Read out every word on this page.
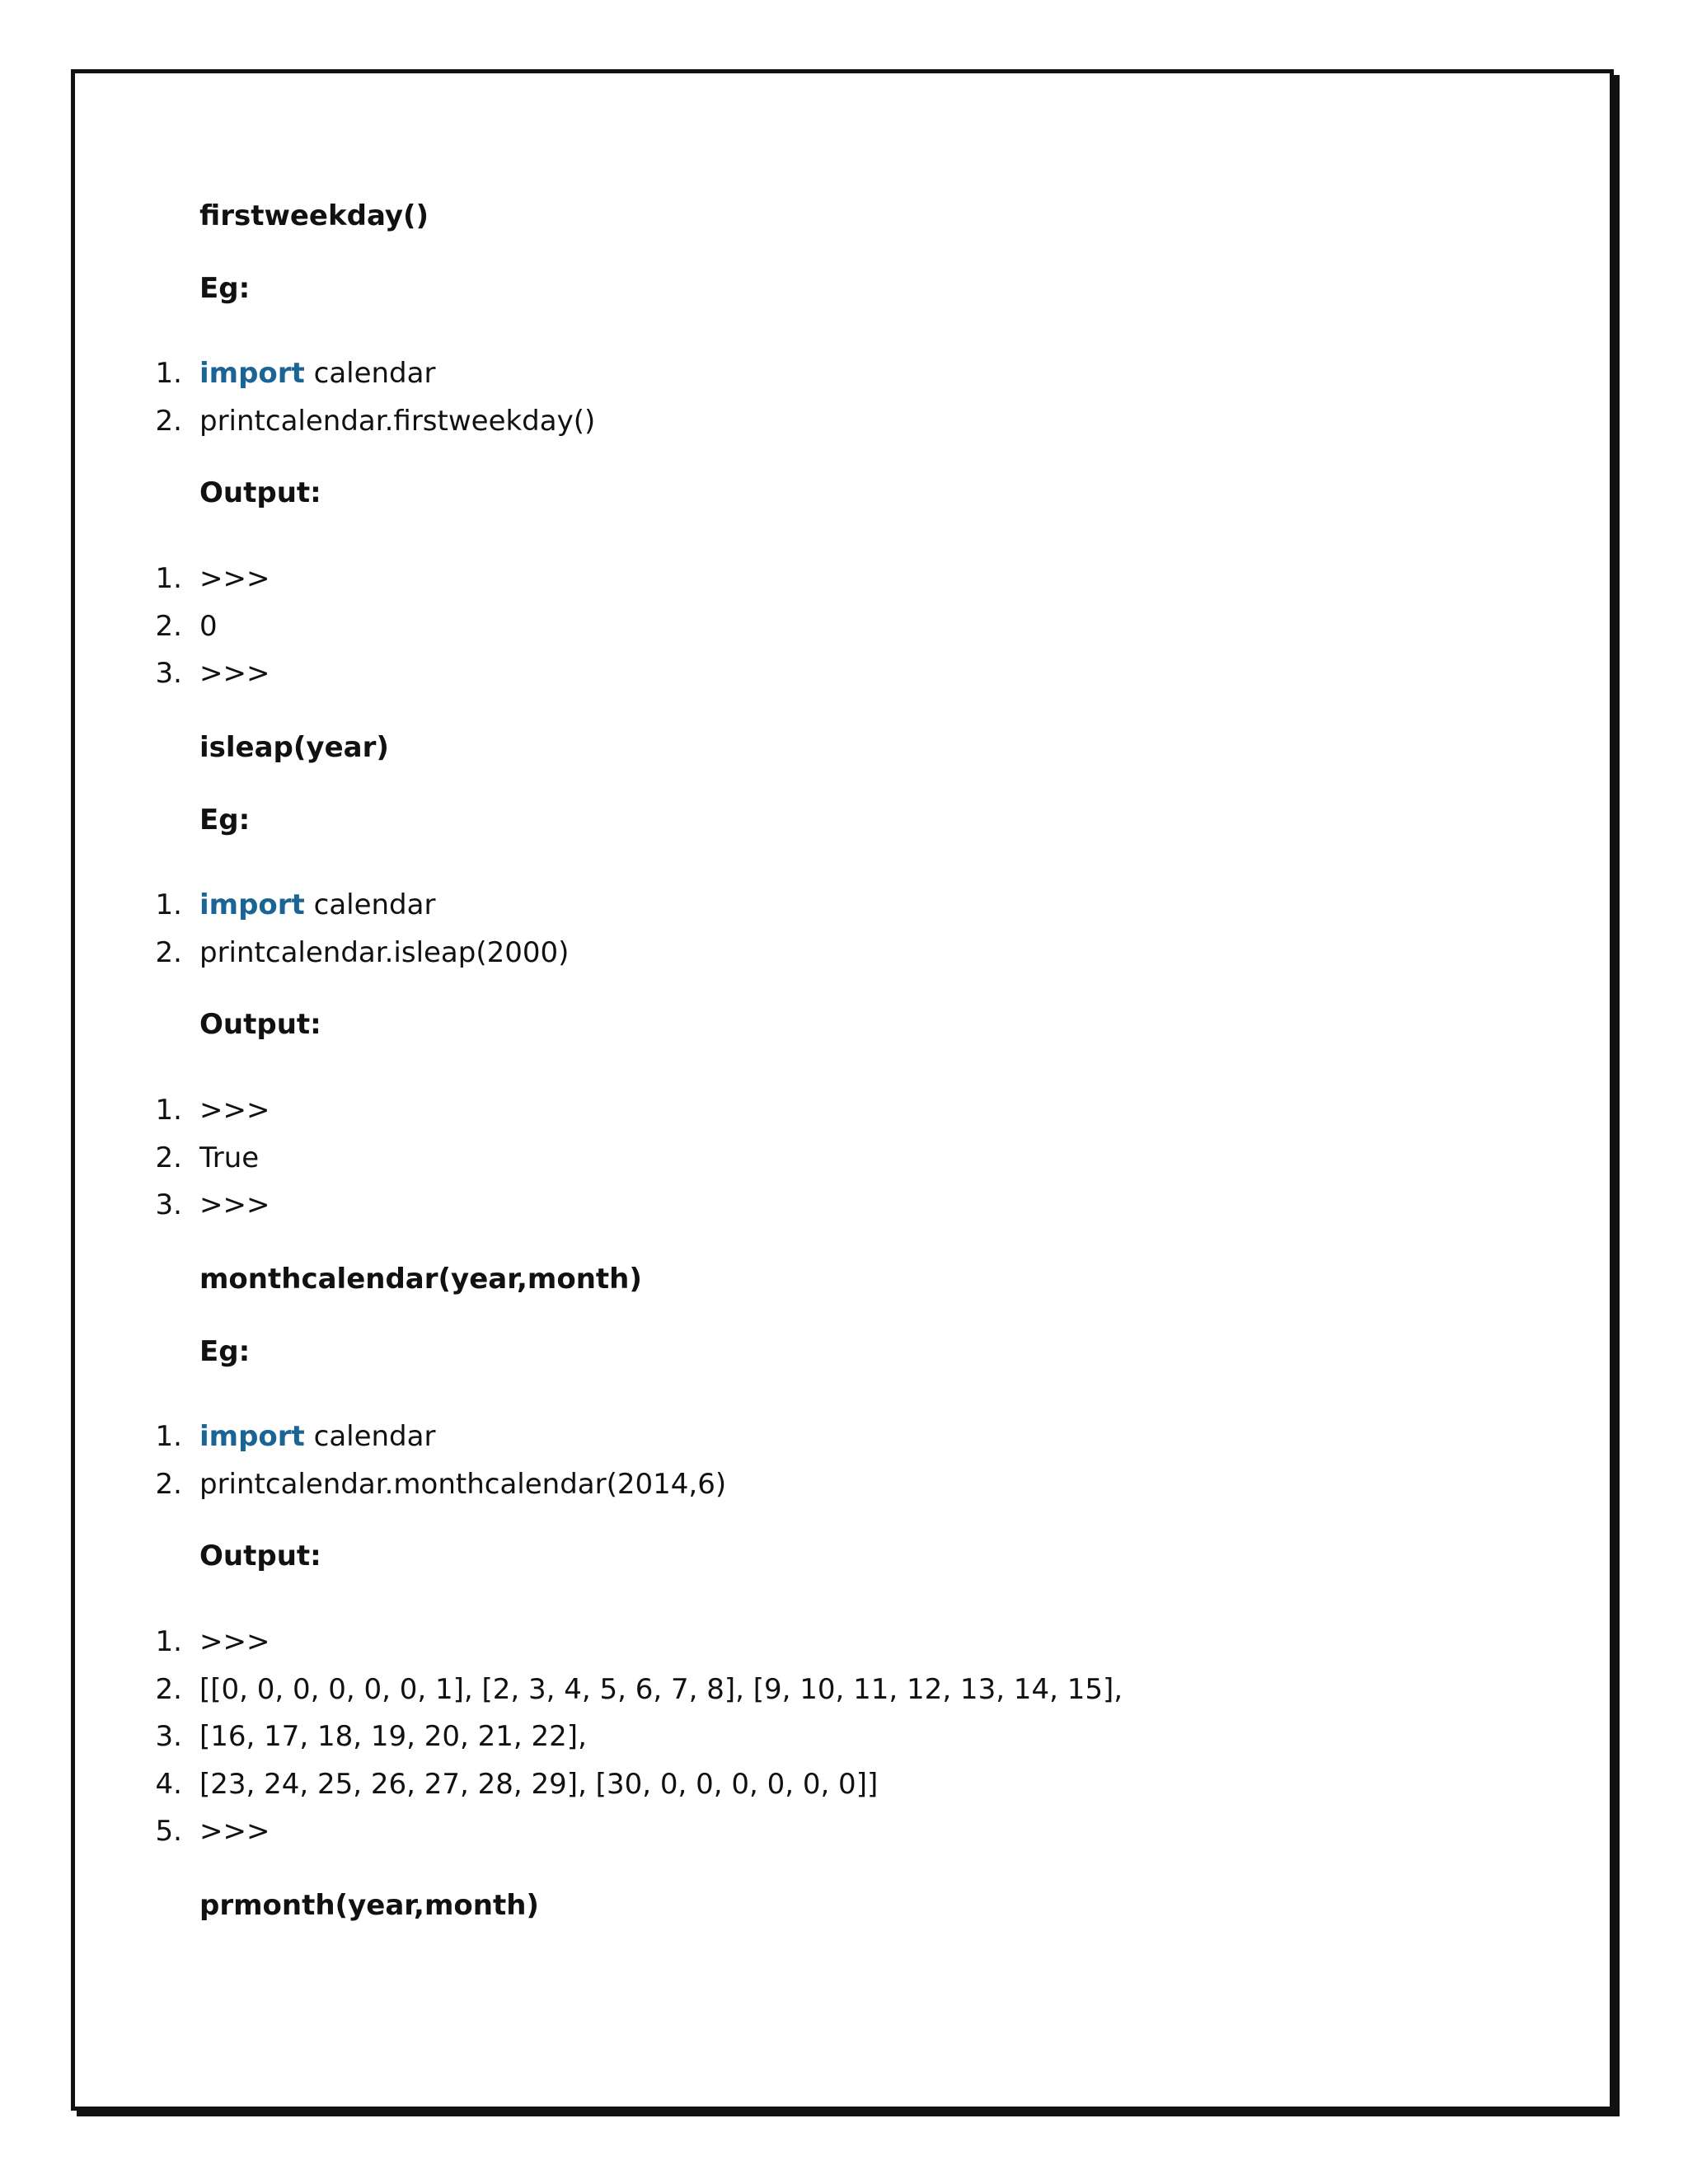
firstweekday()
Eg:
1. import calendar
2. printcalendar.firstweekday()
Output:
1. >>>
2. 0
3. >>>
isleap(year)
Eg:
1. import calendar
2. printcalendar.isleap(2000)
Output:
1. >>>
2. True
3. >>>
monthcalendar(year,month)
Eg:
1. import calendar
2. printcalendar.monthcalendar(2014,6)
Output:
1. >>>
2. [[0, 0, 0, 0, 0, 0, 1], [2, 3, 4, 5, 6, 7, 8], [9, 10, 11, 12, 13, 14, 15],
3. [16, 17, 18, 19, 20, 21, 22],
4. [23, 24, 25, 26, 27, 28, 29], [30, 0, 0, 0, 0, 0, 0]]
5. >>>
prmonth(year,month)
